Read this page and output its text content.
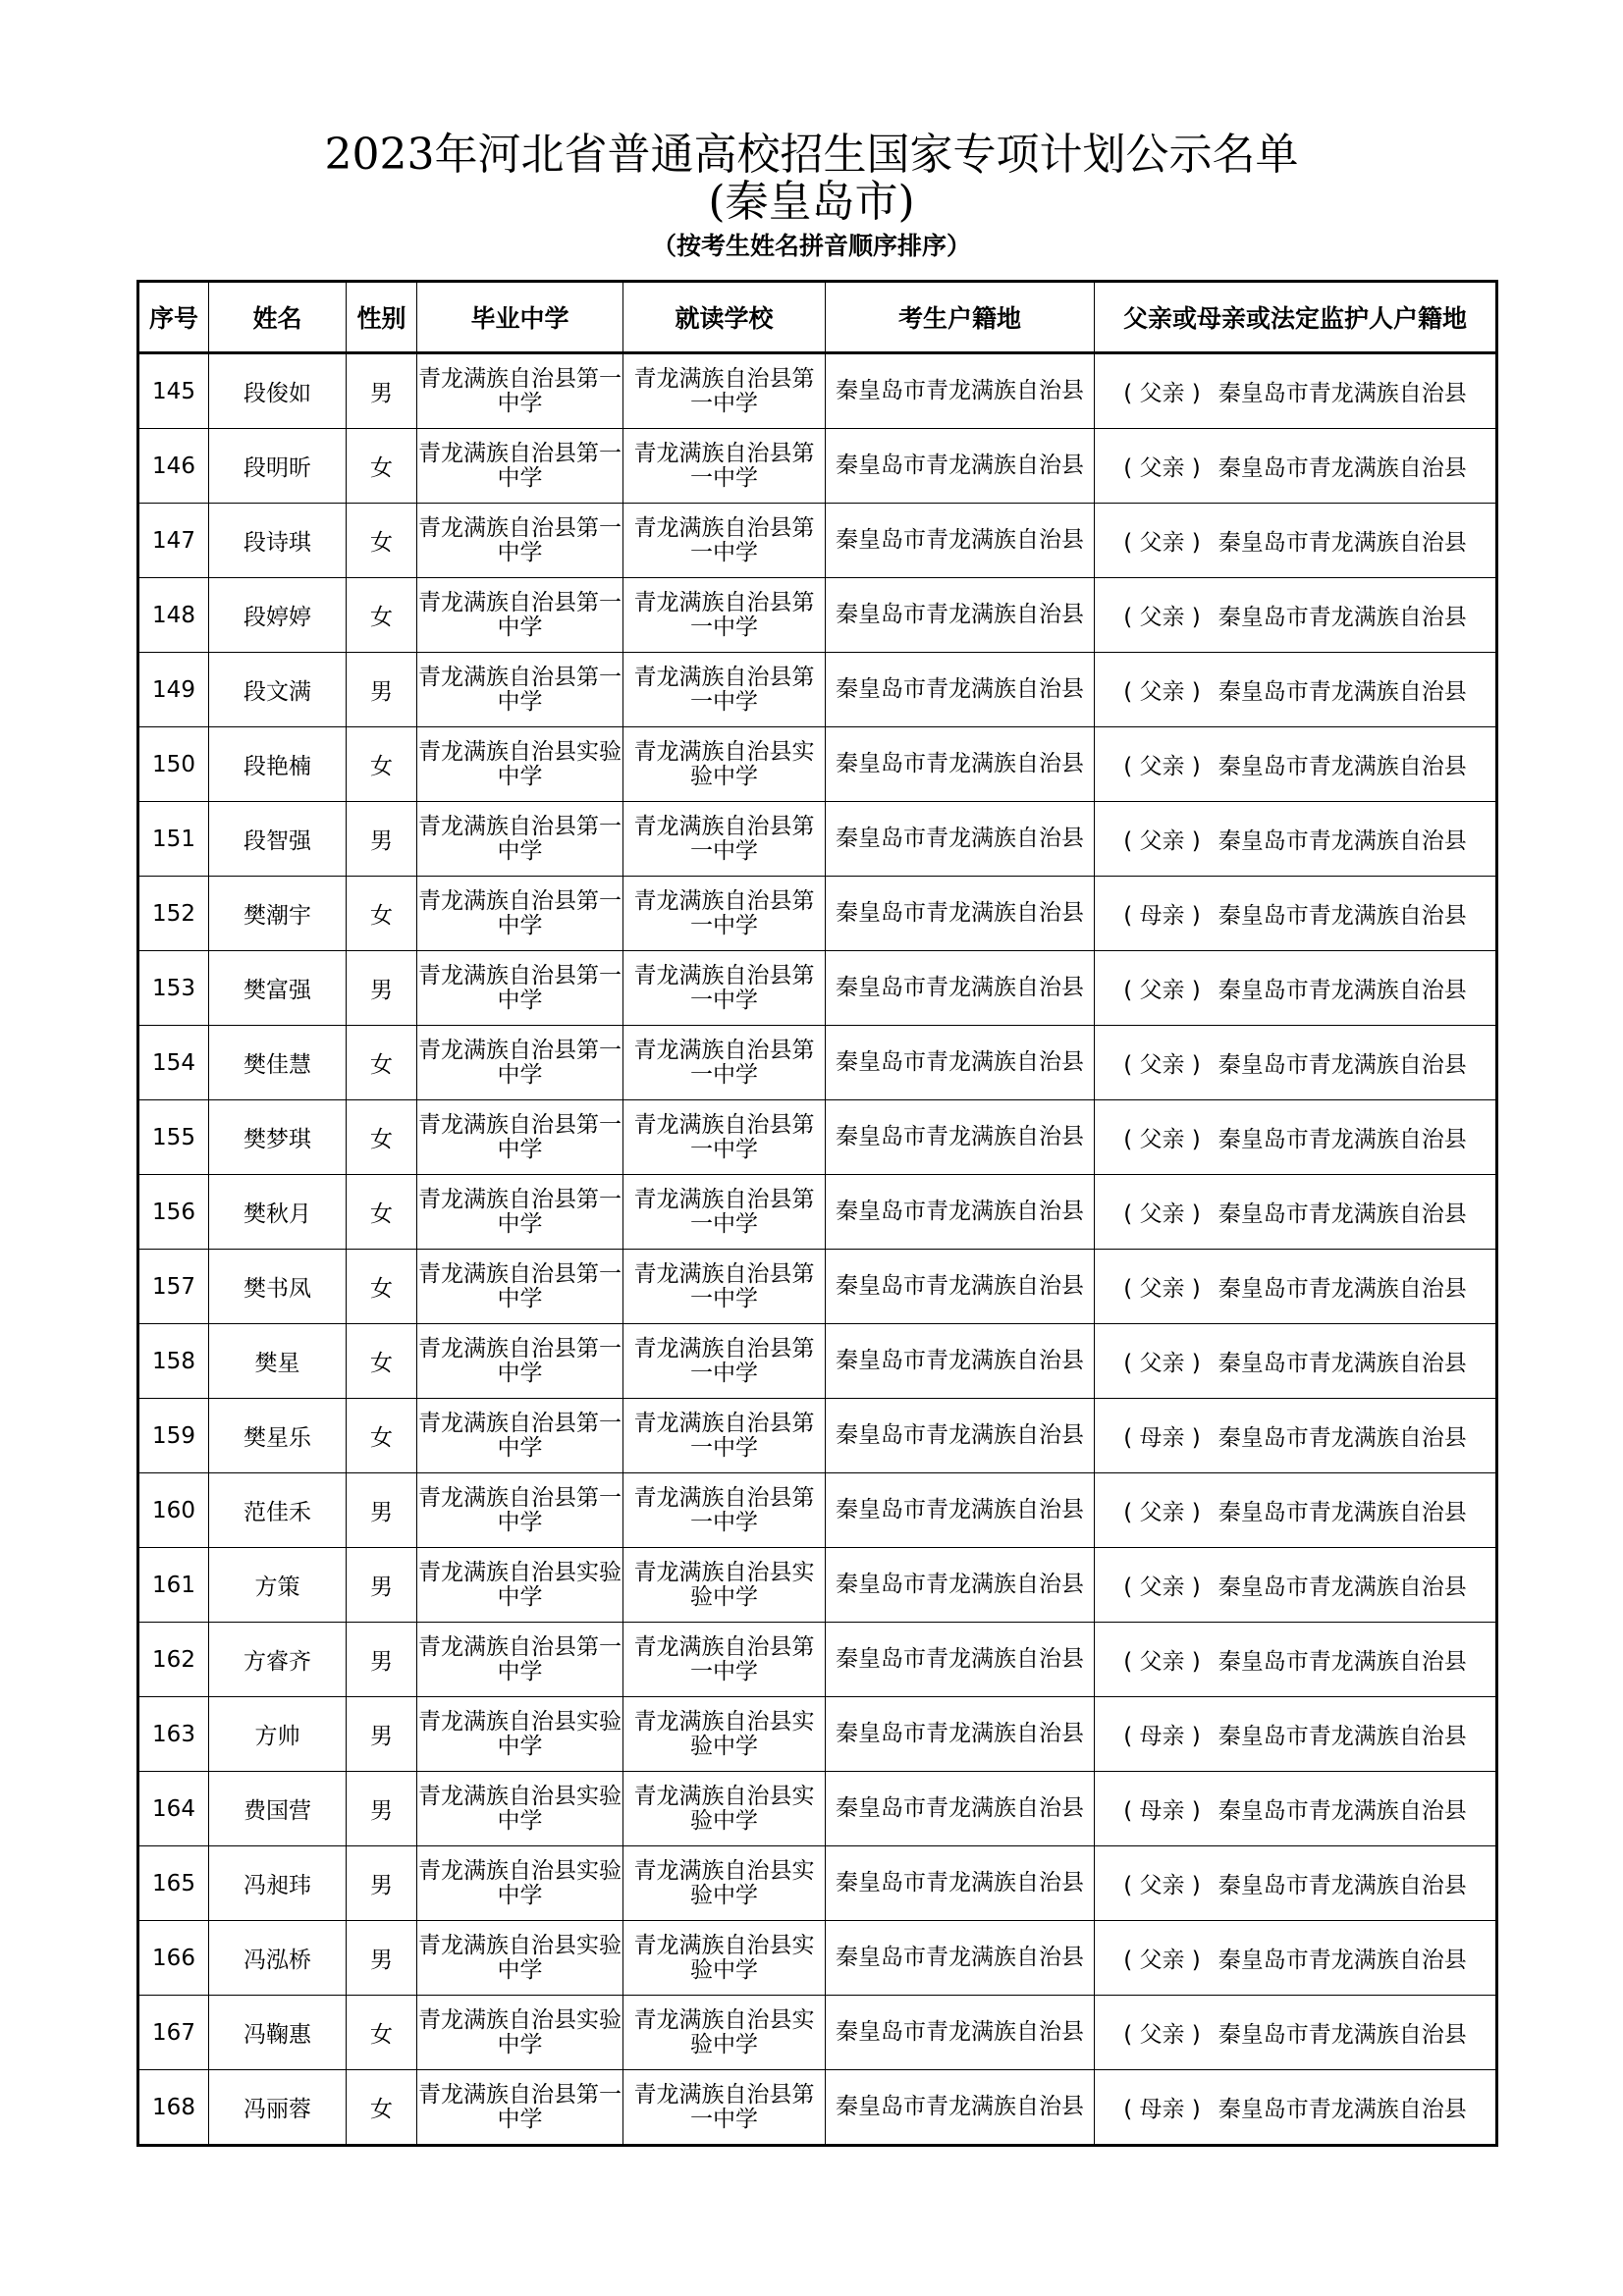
2023年河北省普通高校招生国家专项计划公示名单
(秦皇岛市)
（按考生姓名拼音顺序排序）
序号	姓名	性别	毕业中学	就读学校	考生户籍地	父亲或母亲或法定监护人户籍地
145	段俊如	男	青龙满族自治县第一中学	青龙满族自治县第一中学	秦皇岛市青龙满族自治县	( 父亲 ) 秦皇岛市青龙满族自治县
146	段明昕	女	青龙满族自治县第一中学	青龙满族自治县第一中学	秦皇岛市青龙满族自治县	( 父亲 ) 秦皇岛市青龙满族自治县
147	段诗琪	女	青龙满族自治县第一中学	青龙满族自治县第一中学	秦皇岛市青龙满族自治县	( 父亲 ) 秦皇岛市青龙满族自治县
148	段婷婷	女	青龙满族自治县第一中学	青龙满族自治县第一中学	秦皇岛市青龙满族自治县	( 父亲 ) 秦皇岛市青龙满族自治县
149	段文满	男	青龙满族自治县第一中学	青龙满族自治县第一中学	秦皇岛市青龙满族自治县	( 父亲 ) 秦皇岛市青龙满族自治县
150	段艳楠	女	青龙满族自治县实验中学	青龙满族自治县实验中学	秦皇岛市青龙满族自治县	( 父亲 ) 秦皇岛市青龙满族自治县
151	段智强	男	青龙满族自治县第一中学	青龙满族自治县第一中学	秦皇岛市青龙满族自治县	( 父亲 ) 秦皇岛市青龙满族自治县
152	樊潮宇	女	青龙满族自治县第一中学	青龙满族自治县第一中学	秦皇岛市青龙满族自治县	( 母亲 ) 秦皇岛市青龙满族自治县
153	樊富强	男	青龙满族自治县第一中学	青龙满族自治县第一中学	秦皇岛市青龙满族自治县	( 父亲 ) 秦皇岛市青龙满族自治县
154	樊佳慧	女	青龙满族自治县第一中学	青龙满族自治县第一中学	秦皇岛市青龙满族自治县	( 父亲 ) 秦皇岛市青龙满族自治县
155	樊梦琪	女	青龙满族自治县第一中学	青龙满族自治县第一中学	秦皇岛市青龙满族自治县	( 父亲 ) 秦皇岛市青龙满族自治县
156	樊秋月	女	青龙满族自治县第一中学	青龙满族自治县第一中学	秦皇岛市青龙满族自治县	( 父亲 ) 秦皇岛市青龙满族自治县
157	樊书凤	女	青龙满族自治县第一中学	青龙满族自治县第一中学	秦皇岛市青龙满族自治县	( 父亲 ) 秦皇岛市青龙满族自治县
158	樊星	女	青龙满族自治县第一中学	青龙满族自治县第一中学	秦皇岛市青龙满族自治县	( 父亲 ) 秦皇岛市青龙满族自治县
159	樊星乐	女	青龙满族自治县第一中学	青龙满族自治县第一中学	秦皇岛市青龙满族自治县	( 母亲 ) 秦皇岛市青龙满族自治县
160	范佳禾	男	青龙满族自治县第一中学	青龙满族自治县第一中学	秦皇岛市青龙满族自治县	( 父亲 ) 秦皇岛市青龙满族自治县
161	方策	男	青龙满族自治县实验中学	青龙满族自治县实验中学	秦皇岛市青龙满族自治县	( 父亲 ) 秦皇岛市青龙满族自治县
162	方睿齐	男	青龙满族自治县第一中学	青龙满族自治县第一中学	秦皇岛市青龙满族自治县	( 父亲 ) 秦皇岛市青龙满族自治县
163	方帅	男	青龙满族自治县实验中学	青龙满族自治县实验中学	秦皇岛市青龙满族自治县	( 母亲 ) 秦皇岛市青龙满族自治县
164	费国营	男	青龙满族自治县实验中学	青龙满族自治县实验中学	秦皇岛市青龙满族自治县	( 母亲 ) 秦皇岛市青龙满族自治县
165	冯昶玮	男	青龙满族自治县实验中学	青龙满族自治县实验中学	秦皇岛市青龙满族自治县	( 父亲 ) 秦皇岛市青龙满族自治县
166	冯泓桥	男	青龙满族自治县实验中学	青龙满族自治县实验中学	秦皇岛市青龙满族自治县	( 父亲 ) 秦皇岛市青龙满族自治县
167	冯鞠惠	女	青龙满族自治县实验中学	青龙满族自治县实验中学	秦皇岛市青龙满族自治县	( 父亲 ) 秦皇岛市青龙满族自治县
168	冯丽蓉	女	青龙满族自治县第一中学	青龙满族自治县第一中学	秦皇岛市青龙满族自治县	( 母亲 ) 秦皇岛市青龙满族自治县
